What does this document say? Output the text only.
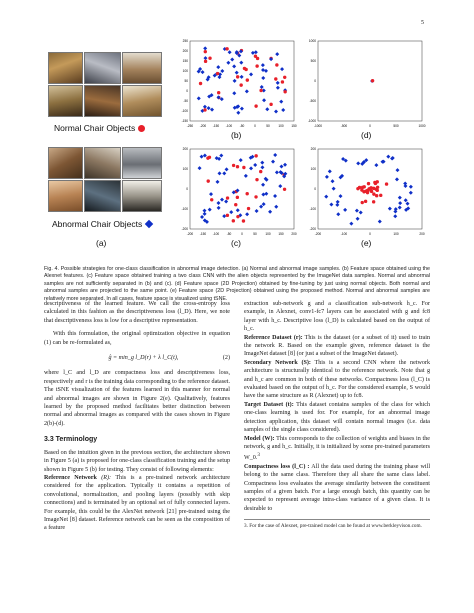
5
Normal Chair Objects
Abnormal Chair Objects
(a)
-250 -200 -150 -100 -50	0	50	100 150
250
200
150
100
50
0
-50
-100
-150
-1000	-500	0	500	1000
1000
500
0
-500
-1000
-200 -150 -100 -50	0	50	100 150 200
200
100
0
-100
-200
-200	-100	0	100	200
200
100
0
-100
-200
(b)	(d)
(c)	(e)
Fig. 4. Possible strategies for one-class classification in abnormal image detection. (a) Normal and abnormal image samples. (b) Feature space obtained using the Alexnet features. (c) Feature space obtained training a two class CNN with the alien objects represented by the ImageNet data samples. Normal and abnormal samples are not sufficiently separated in (b) and (c). (d) Feature space (2D Projection) obtained by fine-tuning by just using normal objects. Both normal and abnormal samples are projected to the same point. (e) Feature space (2D Projection) obtained using the proposed method. Normal and abnormal samples are relatively more separated. In all cases, feature space is visualized using tSNE.

descriptiveness of the learned feature. We call the cross-entropy loss calculated in this fashion as the descriptiveness loss (l_D). Here, we note that descriptiveness loss is low for a descriptive representation.

With this formulation, the original optimization objective in equation (1) can be re-formulated as,

ĝ = min_g l_D(r) + λ l_C(t),	(2)

where l_C and l_D are compactness loss and descriptiveness loss, respectively and r is the training data corresponding to the reference dataset. The tSNE visualization of the features learned in this manner for normal and abnormal images are shown in Figure 2(e). Qualitatively, features learned by the proposed method facilitates better distinction between normal and abnormal images as compared with the cases shown in Figure 2(b)-(d).

3.3 Terminology

Based on the intuition given in the previous section, the architecture shown in Figure 5 (a) is proposed for one-class classification training and the setup shown in Figure 5 (b) for testing. They consist of following elements:

Reference Network (R): This is a pre-trained network architecture considered for the application. Typically it contains a repetition of convolutional, normalization, and pooling layers (possibly with skip connections) and is terminated by an optional set of fully connected layers. For example, this could be the AlexNet network [21] pre-trained using the ImageNet [8] dataset. Reference network can be seen as the composition of a feature

extraction sub-network g and a classification sub-network h_c. For example, in Alexnet, conv1-fc7 layers can be associated with g and fc8 layer with h_c. Descriptive loss (l_D) is calculated based on the output of h_c.

Reference Dataset (r): This is the dataset (or a subset of it) used to train the network R. Based on the example given, reference dataset is the ImageNet dataset [8] (or just a subset of the ImageNet dataset).

Secondary Network (S): This is a second CNN where the network architecture is structurally identical to the reference network. Note that g and h_c are common in both of these networks. Compactness loss (l_C) is evaluated based on the output of h_c. For the considered example, S would have the same structure as R (Alexnet) up to fc8.

Target Dataset (t): This dataset contains samples of the class for which one-class learning is used for. For example, for an abnormal image detection application, this dataset will contain normal images (i.e. data samples of the single class considered).

Model (W): This corresponds to the collection of weights and biases in the network, g and h_c. Initially, it is initialized by some pre-trained parameters W_0.$^3$

Compactness loss (l_C) : All the data used during the training phase will belong to the same class. Therefore they all share the same class label. Compactness loss evaluates the average similarity between the constituent samples of a given batch. For a large enough batch, this quantity can be expected to represent average intra-class variance of a given class. It is desirable to

3. For the case of Alexnet, pre-trained model can be found at www.berkleyvison.com.
